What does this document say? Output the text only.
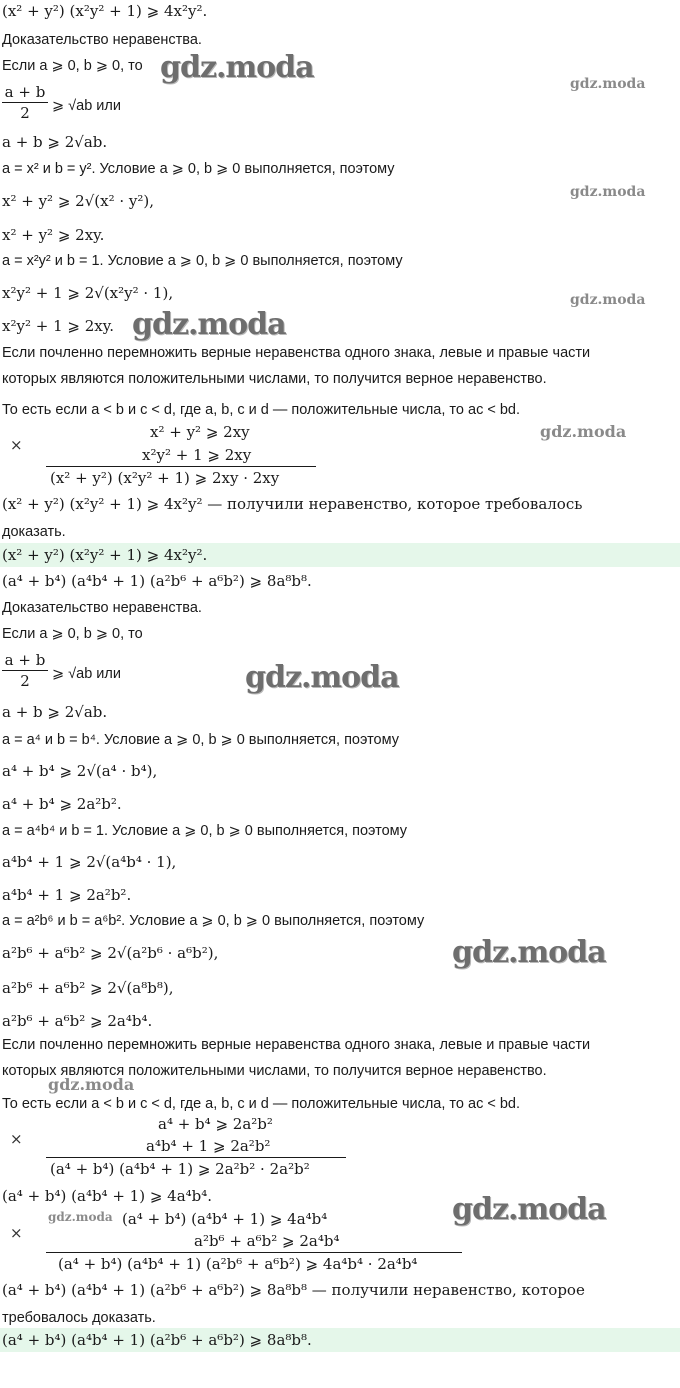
(x² + y²) (x²y² + 1) ⩾ 4x²y².
Доказательство неравенства.
Если a ⩾ 0, b ⩾ 0, то
a + b
2	⩾ √ab или
a + b ⩾ 2√ab.
a = x² и b = y². Условие a ⩾ 0, b ⩾ 0 выполняется, поэтому
x² + y² ⩾ 2√(x² · y²),
x² + y² ⩾ 2xy.
a = x²y² и b = 1. Условие a ⩾ 0, b ⩾ 0 выполняется, поэтому
x²y² + 1 ⩾ 2√(x²y² · 1),
x²y² + 1 ⩾ 2xy.
Если почленно перемножить верные неравенства одного знака, левые и правые части
которых являются положительными числами, то получится верное неравенство.
То есть если a < b и c < d, где a, b, c и d — положительные числа, то ac < bd.
×
x² + y² ⩾ 2xy
x²y² + 1 ⩾ 2xy
(x² + y²) (x²y² + 1) ⩾ 2xy · 2xy
(x² + y²) (x²y² + 1) ⩾ 4x²y² — получили неравенство, которое требовалось
доказать.
(x² + y²) (x²y² + 1) ⩾ 4x²y².
(a⁴ + b⁴) (a⁴b⁴ + 1) (a²b⁶ + a⁶b²) ⩾ 8a⁸b⁸.
Доказательство неравенства.
Если a ⩾ 0, b ⩾ 0, то
a + b
2	⩾ √ab или
a + b ⩾ 2√ab.
a = a⁴ и b = b⁴. Условие a ⩾ 0, b ⩾ 0 выполняется, поэтому
a⁴ + b⁴ ⩾ 2√(a⁴ · b⁴),
a⁴ + b⁴ ⩾ 2a²b².
a = a⁴b⁴ и b = 1. Условие a ⩾ 0, b ⩾ 0 выполняется, поэтому
a⁴b⁴ + 1 ⩾ 2√(a⁴b⁴ · 1),
a⁴b⁴ + 1 ⩾ 2a²b².
a = a²b⁶ и b = a⁶b². Условие a ⩾ 0, b ⩾ 0 выполняется, поэтому
a²b⁶ + a⁶b² ⩾ 2√(a²b⁶ · a⁶b²),
a²b⁶ + a⁶b² ⩾ 2√(a⁸b⁸),
a²b⁶ + a⁶b² ⩾ 2a⁴b⁴.
Если почленно перемножить верные неравенства одного знака, левые и правые части
которых являются положительными числами, то получится верное неравенство.
То есть если a < b и c < d, где a, b, c и d — положительные числа, то ac < bd.
×
a⁴ + b⁴ ⩾ 2a²b²
a⁴b⁴ + 1 ⩾ 2a²b²
(a⁴ + b⁴) (a⁴b⁴ + 1) ⩾ 2a²b² · 2a²b²
(a⁴ + b⁴) (a⁴b⁴ + 1) ⩾ 4a⁴b⁴.
×
(a⁴ + b⁴) (a⁴b⁴ + 1) ⩾ 4a⁴b⁴
a²b⁶ + a⁶b² ⩾ 2a⁴b⁴
(a⁴ + b⁴) (a⁴b⁴ + 1) (a²b⁶ + a⁶b²) ⩾ 4a⁴b⁴ · 2a⁴b⁴
(a⁴ + b⁴) (a⁴b⁴ + 1) (a²b⁶ + a⁶b²) ⩾ 8a⁸b⁸ — получили неравенство, которое
требовалось доказать.
(a⁴ + b⁴) (a⁴b⁴ + 1) (a²b⁶ + a⁶b²) ⩾ 8a⁸b⁸.
gdz.moda	gdz.moda
gdz.moda
gdz.moda
gdz.moda
gdz.moda
gdz.moda
gdz.moda
gdz.moda
gdz.moda
gdz.moda
